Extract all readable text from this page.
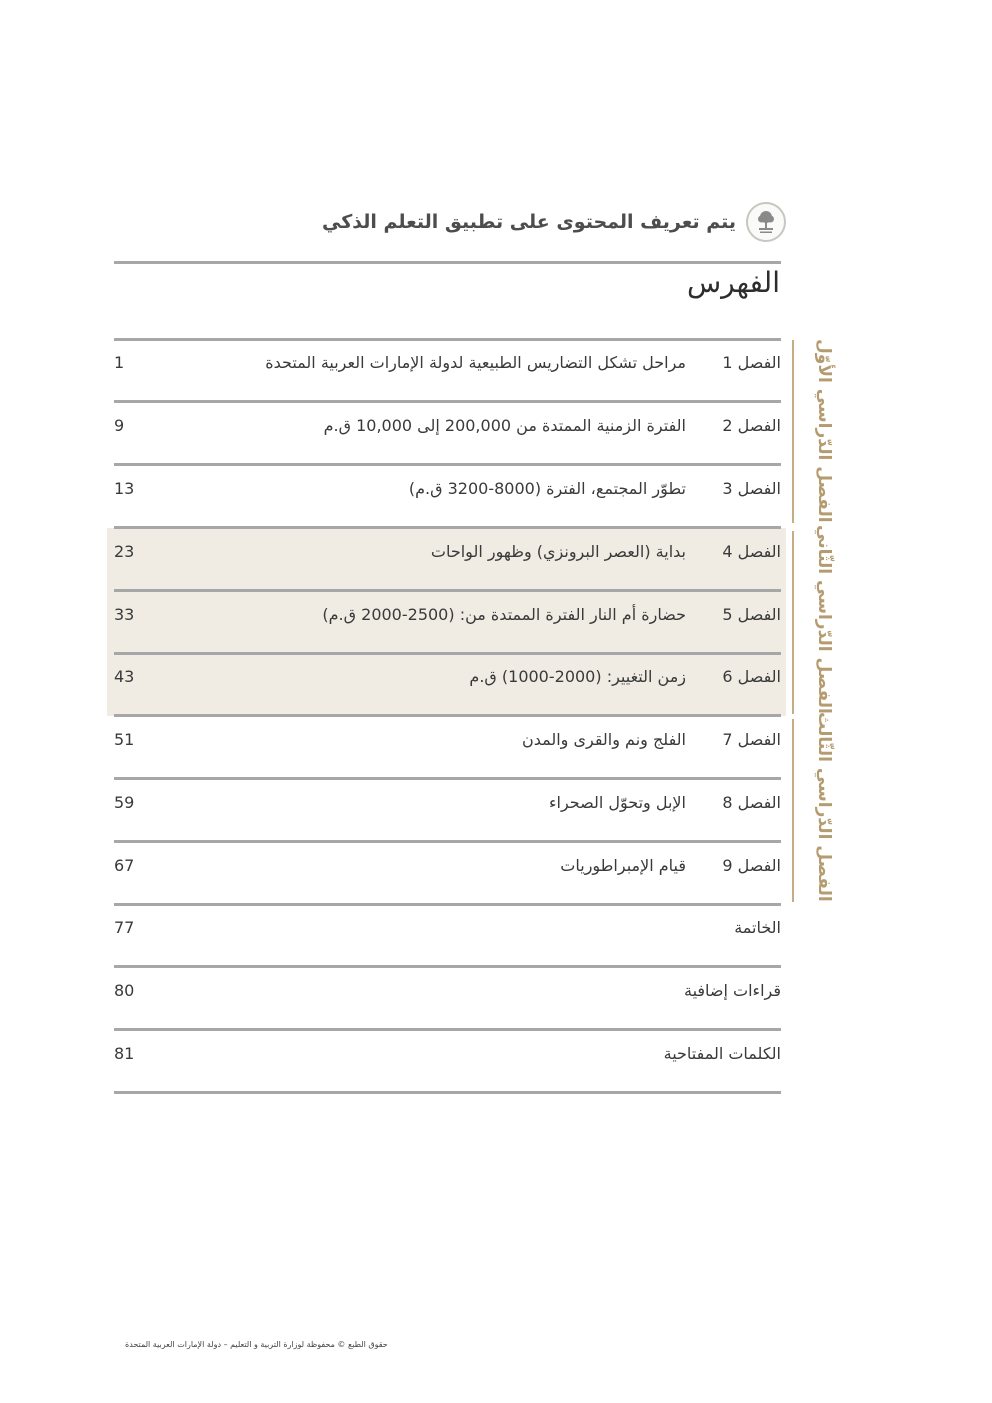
يتم تعريف المحتوى على تطبيق التعلم الذكي
الفهرس
الفصل 1
مراحل تشكل التضاريس الطبيعية لدولة الإمارات العربية المتحدة
1
الفصل 2
الفترة الزمنية الممتدة من 200,000 إلى 10,000 ق.م
9
الفصل 3
تطوّر المجتمع، الفترة (8000-3200 ق.م)
13
الفصل 4
بداية (العصر البرونزي) وظهور الواحات
23
الفصل 5
حضارة أم النار الفترة الممتدة من: (2500-2000 ق.م)
33
الفصل 6
زمن التغيير: (2000-1000) ق.م
43
الفصل 7
الفلج ونم والقرى والمدن
51
الفصل 8
الإبل وتحوّل الصحراء
59
الفصل 9
قيام الإمبراطوريات
67
الخاتمة
77
قراءات إضافية
80
الكلمات المفتاحية
81
الفصل الدّراسي الأوّل
الفصل الدّراسي الثّاني
الفصل الدّراسي الثّالث
حقوق الطبع © محفوظة لوزارة التربية و التعليم – دولة الإمارات العربية المتحدة
